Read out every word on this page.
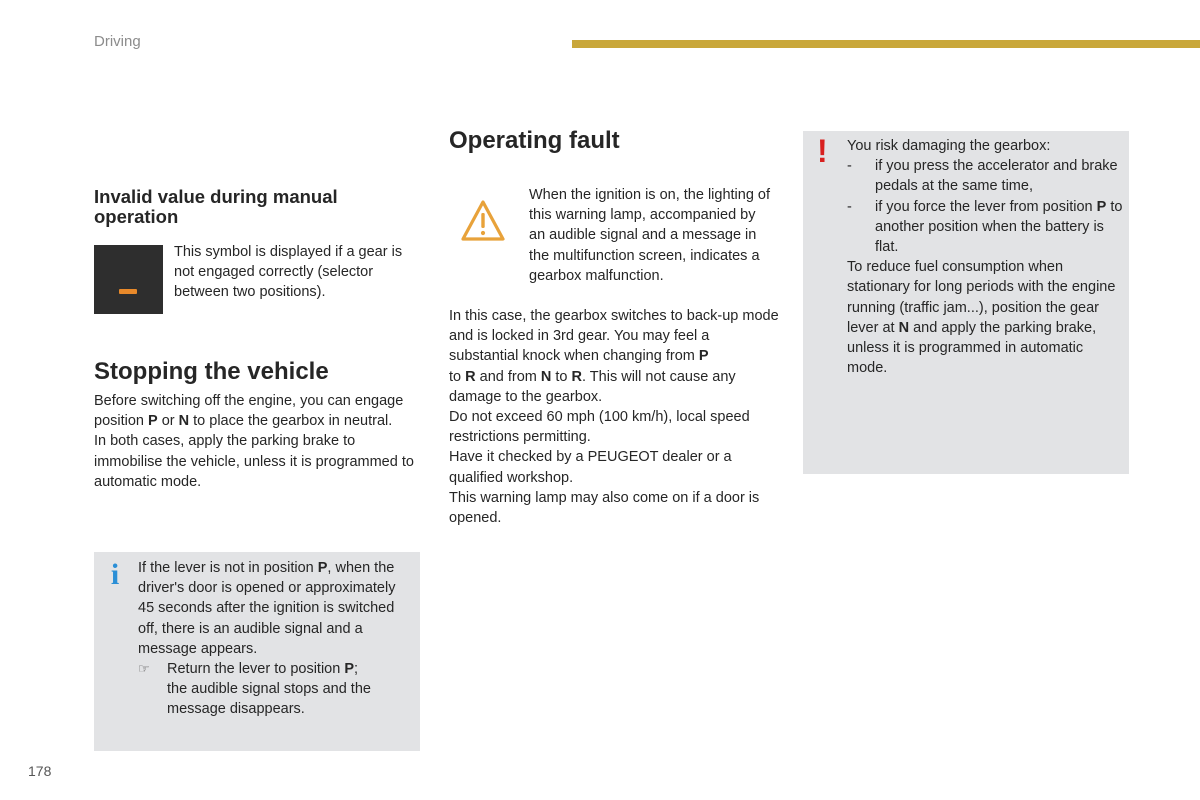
Driving
Invalid value during manual operation
This symbol is displayed if a gear is not engaged correctly (selector between two positions).
Stopping the vehicle
Before switching off the engine, you can engage position P or N to place the gearbox in neutral.
In both cases, apply the parking brake to immobilise the vehicle, unless it is programmed to automatic mode.
i	If the lever is not in position P, when the driver's door is opened or approximately 45 seconds after the ignition is switched off, there is an audible signal and a message appears.
☞ Return the lever to position P;
the audible signal stops and the message disappears.
Operating fault
When the ignition is on, the lighting of this warning lamp, accompanied by an audible signal and a message in the multifunction screen, indicates a gearbox malfunction.
In this case, the gearbox switches to back-up mode and is locked in 3rd gear. You may feel a substantial knock when changing from P
to R and from N to R. This will not cause any damage to the gearbox.
Do not exceed 60 mph (100 km/h), local speed restrictions permitting.
Have it checked by a PEUGEOT dealer or a qualified workshop.
This warning lamp may also come on if a door is opened.
! You risk damaging the gearbox:
- if you press the accelerator and brake pedals at the same time,
- if you force the lever from position P to another position when the battery is flat.
To reduce fuel consumption when stationary for long periods with the engine running (traffic jam...), position the gear lever at N and apply the parking brake, unless it is programmed in automatic mode.
178
